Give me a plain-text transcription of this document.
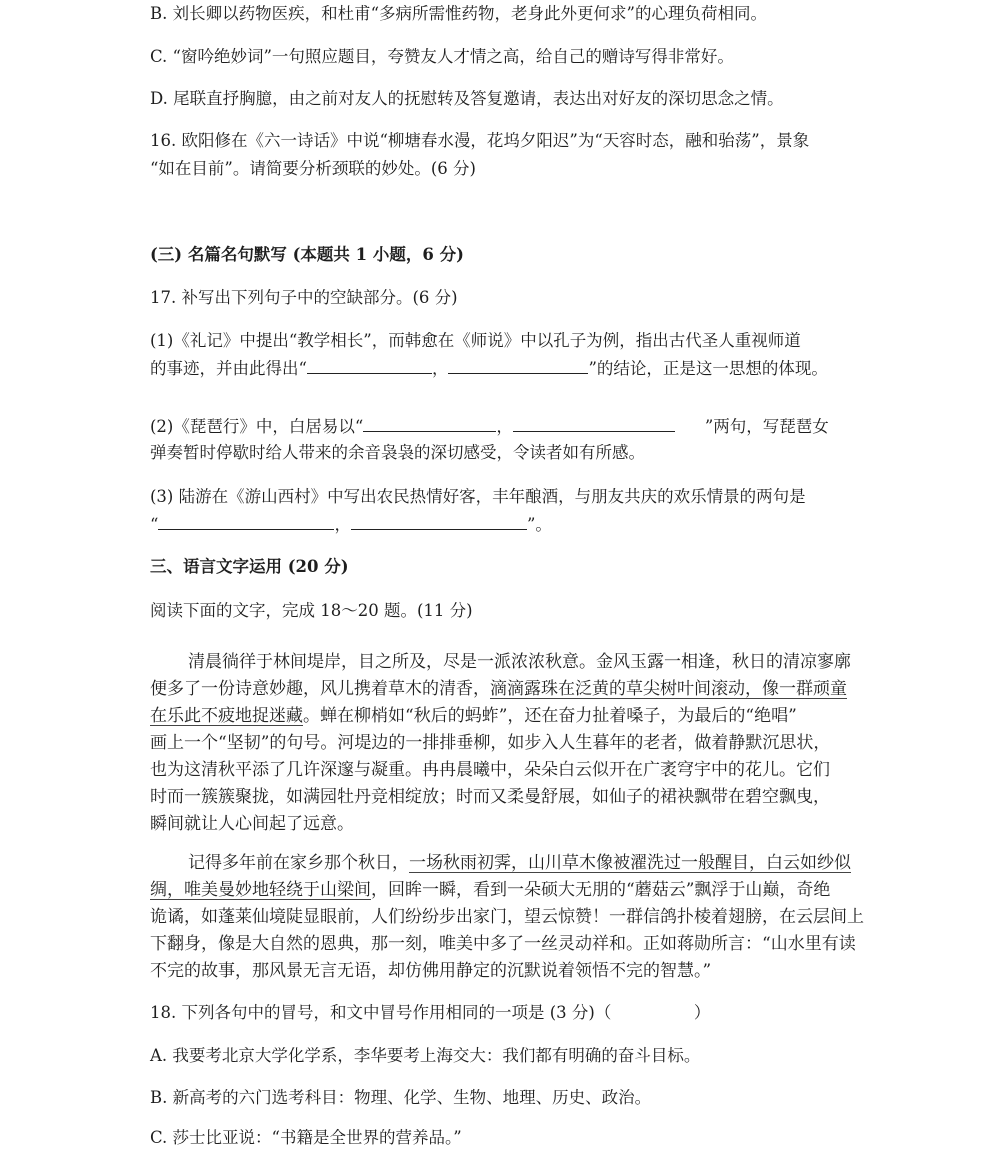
B. 刘长卿以药物医疾，和杜甫“多病所需惟药物，老身此外更何求”的心理负荷相同。
C. “窗吟绝妙词”一句照应题目，夸赞友人才情之高，给自己的赠诗写得非常好。
D. 尾联直抒胸臆，由之前对友人的抚慰转及答复邀请，表达出对好友的深切思念之情。
16. 欧阳修在《六一诗话》中说“柳塘春水漫，花坞夕阳迟”为“天容时态，融和骀荡”，景象
“如在目前”。请简要分析颈联的妙处。(6 分)
(三) 名篇名句默写 (本题共 1 小题，6 分)
17. 补写出下列句子中的空缺部分。(6 分)
(1)《礼记》中提出“教学相长”，而韩愈在《师说》中以孔子为例，指出古代圣人重视师道
的事迹，并由此得出“	，	”的结论，正是这一思想的体现。
(2)《琵琶行》中，白居易以“	，	”两句，写琵琶女
弹奏暂时停歇时给人带来的余音袅袅的深切感受，令读者如有所感。
(3) 陆游在《游山西村》中写出农民热情好客，丰年酿酒，与朋友共庆的欢乐情景的两句是
“	，	”。
三、语言文字运用 (20 分)
阅读下面的文字，完成 18～20 题。(11 分)
清晨徜徉于林间堤岸，目之所及，尽是一派浓浓秋意。金风玉露一相逢，秋日的清凉寥廓
便多了一份诗意妙趣，风儿携着草木的清香，滴滴露珠在泛黄的草尖树叶间滚动，像一群顽童
在乐此不疲地捉迷藏。蝉在柳梢如“秋后的蚂蚱”，还在奋力扯着嗓子，为最后的“绝唱”
画上一个“坚韧”的句号。河堤边的一排排垂柳，如步入人生暮年的老者，做着静默沉思状，
也为这清秋平添了几许深邃与凝重。冉冉晨曦中，朵朵白云似开在广袤穹宇中的花儿。它们
时而一簇簇聚拢，如满园牡丹竞相绽放；时而又柔曼舒展，如仙子的裙袂飘带在碧空飘曳，
瞬间就让人心间起了远意。
记得多年前在家乡那个秋日，一场秋雨初霁，山川草木像被濯洗过一般醒目，白云如纱似
绸，唯美曼妙地轻绕于山梁间，回眸一瞬，看到一朵硕大无朋的“蘑菇云”飘浮于山巅，奇绝
诡谲，如蓬莱仙境陡显眼前，人们纷纷步出家门，望云惊赞！一群信鸽扑棱着翅膀，在云层间上
下翻身，像是大自然的恩典，那一刻，唯美中多了一丝灵动祥和。正如蒋勋所言：“山水里有读
不完的故事，那风景无言无语，却仿佛用静定的沉默说着领悟不完的智慧。”
18. 下列各句中的冒号，和文中冒号作用相同的一项是 (3 分)（　　　　　）
A. 我要考北京大学化学系，李华要考上海交大：我们都有明确的奋斗目标。
B. 新高考的六门选考科目：物理、化学、生物、地理、历史、政治。
C. 莎士比亚说：“书籍是全世界的营养品。”
